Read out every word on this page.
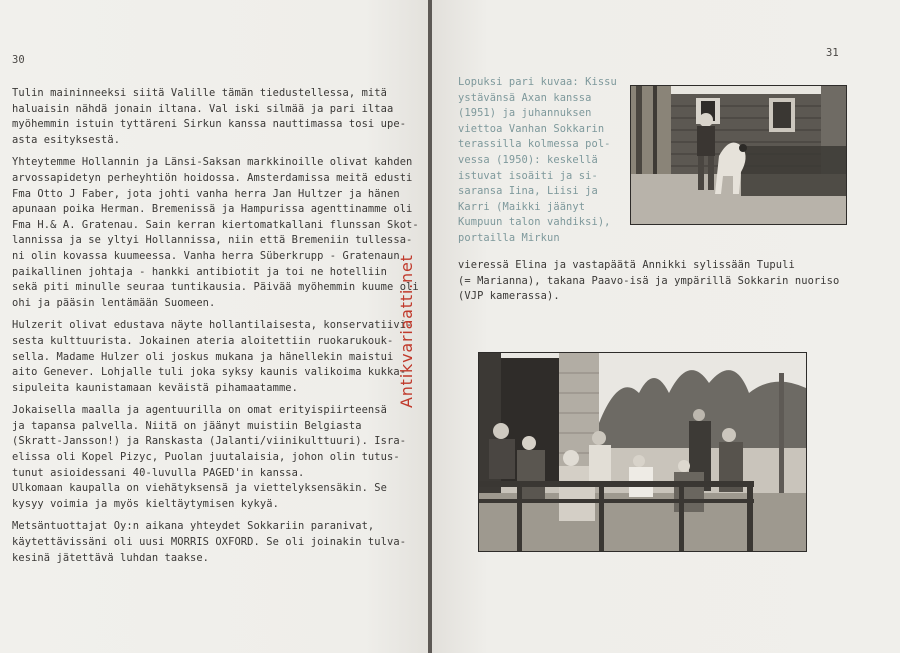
30
Tulin maininneeksi siitä Valille tämän tiedustellessa, mitä
haluaisin nähdä jonain iltana. Val iski silmää ja pari iltaa
myöhemmin istuin tyttäreni Sirkun kanssa nauttimassa tosi upe-
asta esityksestä.
Yhteytemme Hollannin ja Länsi-Saksan markkinoille olivat kahden
arvossapidetyn perheyhtiön hoidossa. Amsterdamissa meitä edusti
Fma Otto J Faber, jota johti vanha herra Jan Hultzer ja hänen
apunaan poika Herman. Bremenissä ja Hampurissa agenttinamme oli
Fma H.& A. Gratenau. Sain kerran kiertomatkallani flunssan Skot-
lannissa ja se yltyi Hollannissa, niin että Bremeniin tullessa-
ni olin kovassa kuumeessa. Vanha herra Süberkrupp - Gratenaun
paikallinen johtaja - hankki antibiotit ja toi ne hotelliin
sekä piti minulle seuraa tuntikausia. Päivää myöhemmin kuume oli
ohi ja pääsin lentämään Suomeen.
Hulzerit olivat edustava näyte hollantilaisesta, konservatiivi-
sesta kulttuurista. Jokainen ateria aloitettiin ruokarukouk-
sella. Madame Hulzer oli joskus mukana ja hänellekin maistui
aito Genever. Lohjalle tuli joka syksy kaunis valikoima kukka-
sipuleita kaunistamaan keväistä pihamaatamme.
Jokaisella maalla ja agentuurilla on omat erityispiirteensä
ja tapansa palvella. Niitä on jäänyt muistiin Belgiasta
(Skratt-Jansson!) ja Ranskasta (Jalanti/viinikulttuuri). Isra-
elissa oli Kopel Pizyc, Puolan juutalaisia, johon olin tutus-
tunut asioidessani 40-luvulla PAGED'in kanssa.
Ulkomaan kaupalla on viehätyksensä ja viettelyksensäkin. Se
kysyy voimia ja myös kieltäytymisen kykyä.
Metsäntuottajat Oy:n aikana yhteydet Sokkariin paranivat,
käytettävissäni oli uusi MORRIS OXFORD. Se oli joinakin tulva-
kesinä jätettävä luhdan taakse.
31
Lopuksi pari kuvaa: Kissu
ystävänsä Axan kanssa
(1951) ja juhannuksen
viettoa Vanhan Sokkarin
terassilla kolmessa pol-
vessa (1950): keskellä
istuvat isoäiti ja si-
saransa Iina, Liisi ja
Karri (Maikki jäänyt
Kumpuun talon vahdiksi),
portailla Mirkun
vieressä Elina ja vastapäätä Annikki sylissään Tupuli
(= Marianna), takana Paavo-isä ja ympärillä Sokkarin nuoriso
(VJP kamerassa).
Antikvariaatti.net
